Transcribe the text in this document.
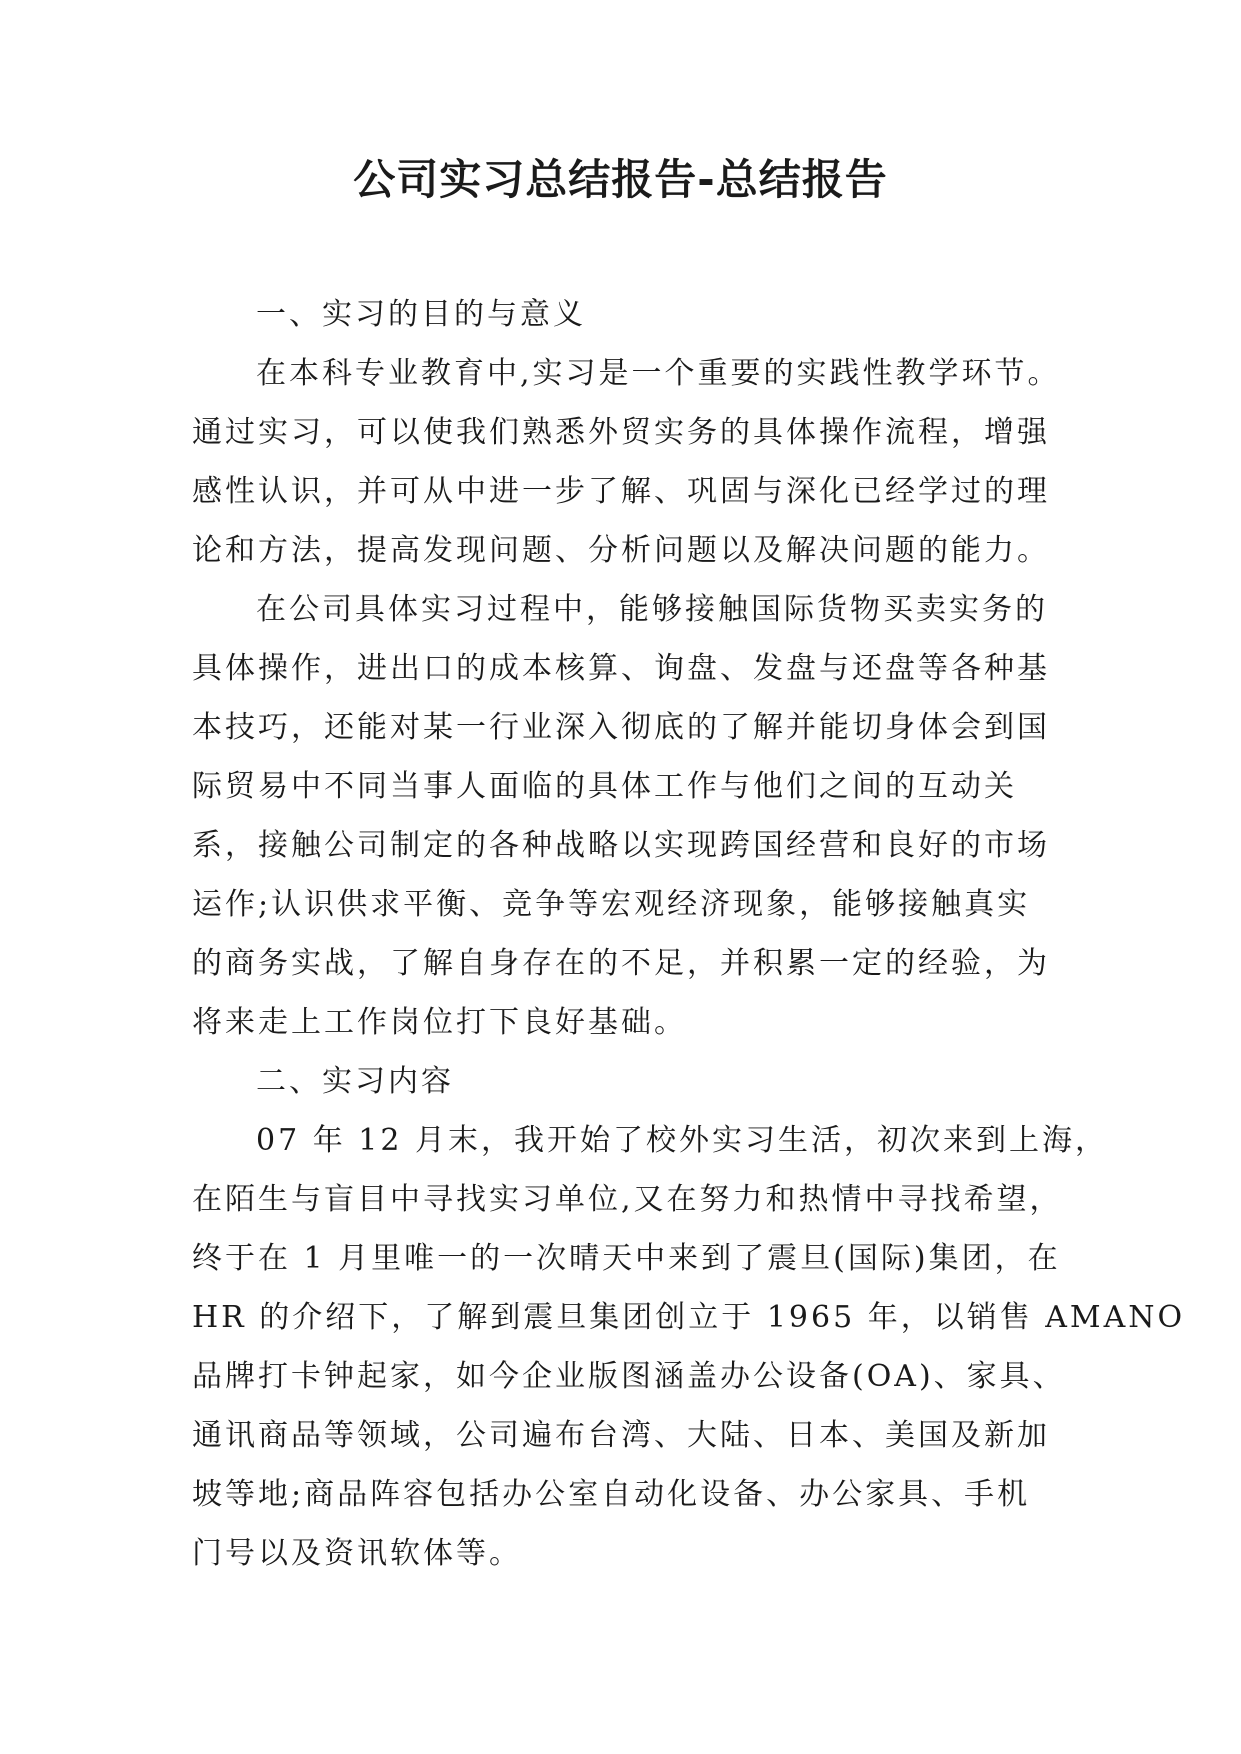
公司实习总结报告-总结报告
一、实习的目的与意义
在本科专业教育中,实习是一个重要的实践性教学环节。
通过实习，可以使我们熟悉外贸实务的具体操作流程，增强
感性认识，并可从中进一步了解、巩固与深化已经学过的理
论和方法，提高发现问题、分析问题以及解决问题的能力。
在公司具体实习过程中，能够接触国际货物买卖实务的
具体操作，进出口的成本核算、询盘、发盘与还盘等各种基
本技巧，还能对某一行业深入彻底的了解并能切身体会到国
际贸易中不同当事人面临的具体工作与他们之间的互动关
系，接触公司制定的各种战略以实现跨国经营和良好的市场
运作;认识供求平衡、竞争等宏观经济现象，能够接触真实
的商务实战，了解自身存在的不足，并积累一定的经验，为
将来走上工作岗位打下良好基础。
二、实习内容
07 年 12 月末，我开始了校外实习生活，初次来到上海，
在陌生与盲目中寻找实习单位,又在努力和热情中寻找希望，
终于在 1 月里唯一的一次晴天中来到了震旦(国际)集团，在
HR 的介绍下，了解到震旦集团创立于 1965 年，以销售 AMANO
品牌打卡钟起家，如今企业版图涵盖办公设备(OA)、家具、
通讯商品等领域，公司遍布台湾、大陆、日本、美国及新加
坡等地;商品阵容包括办公室自动化设备、办公家具、手机
门号以及资讯软体等。
